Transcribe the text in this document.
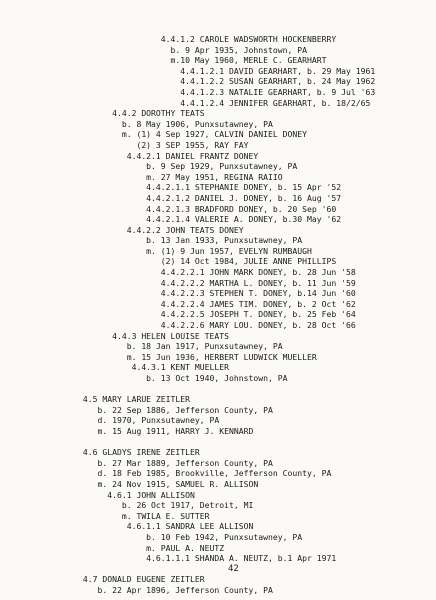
4.4.1.2 CAROLE WADSWORTH HOCKENBERRY
b. 9 Apr 1935, Johnstown, PA
m.10 May 1960, MERLE C. GEARHART
4.4.1.2.1 DAVID GEARHART, b. 29 May 1961
4.4.1.2.2 SUSAN GEARHART, b. 24 May 1962
4.4.1.2.3 NATALIE GEARHART, b. 9 Jul '63
4.4.1.2.4 JENNIFER GEARHART, b. 18/2/65
4.4.2 DOROTHY TEATS
b. 8 May 1906, Punxsutawney, PA
m. (1) 4 Sep 1927, CALVIN DANIEL DONEY
(2) 3 SEP 1955, RAY FAY
4.4.2.1 DANIEL FRANTZ DONEY
b. 9 Sep 1929, Punxsutawney, PA
m. 27 May 1951, REGINA RAIIO
4.4.2.1.1 STEPHANIE DONEY, b. 15 Apr '52
4.4.2.1.2 DANIEL J. DONEY, b. 16 Aug '57
4.4.2.1.3 BRADFORD DONEY, b. 20 Sep '60
4.4.2.1.4 VALERIE A. DONEY, b.30 May '62
4.4.2.2 JOHN TEATS DONEY
b. 13 Jan 1933, Punxsutawney, PA
m. (1) 9 Jun 1957, EVELYN RUMBAUGH
(2) 14 Oct 1984, JULIE ANNE PHILLIPS
4.4.2.2.1 JOHN MARK DONEY, b. 28 Jun '58
4.4.2.2.2 MARTHA L. DONEY, b. 11 Jun '59
4.4.2.2.3 STEPHEN T. DONEY, b.14 Jun '60
4.4.2.2.4 JAMES TIM. DONEY, b. 2 Oct '62
4.4.2.2.5 JOSEPH T. DONEY, b. 25 Feb '64
4.4.2.2.6 MARY LOU. DONEY, b. 28 Oct '66
4.4.3 HELEN LOUISE TEATS
b. 18 Jan 1917, Punxsutawney, PA
m. 15 Jun 1936, HERBERT LUDWICK MUELLER
4.4.3.1 KENT MUELLER
b. 13 Oct 1940, Johnstown, PA
4.5 MARY LARUE ZEITLER
b. 22 Sep 1886, Jefferson County, PA
d. 1970, Punxsutawney, PA
m. 15 Aug 1911, HARRY J. KENNARD
4.6 GLADYS IRENE ZEITLER
b. 27 Mar 1889, Jefferson County, PA
d. 18 Feb 1985, Brookville, Jefferson County, PA
m. 24 Nov 1915, SAMUEL R. ALLISON
4.6.1 JOHN ALLISON
b. 26 Oct 1917, Detroit, MI
m. TWILA E. SUTTER
4.6.1.1 SANDRA LEE ALLISON
b. 10 Feb 1942, Punxsutawney, PA
m. PAUL A. NEUTZ
4.6.1.1.1 SHANDA A. NEUTZ, b.1 Apr 1971
4.7 DONALD EUGENE ZEITLER
b. 22 Apr 1896, Jefferson County, PA
42
